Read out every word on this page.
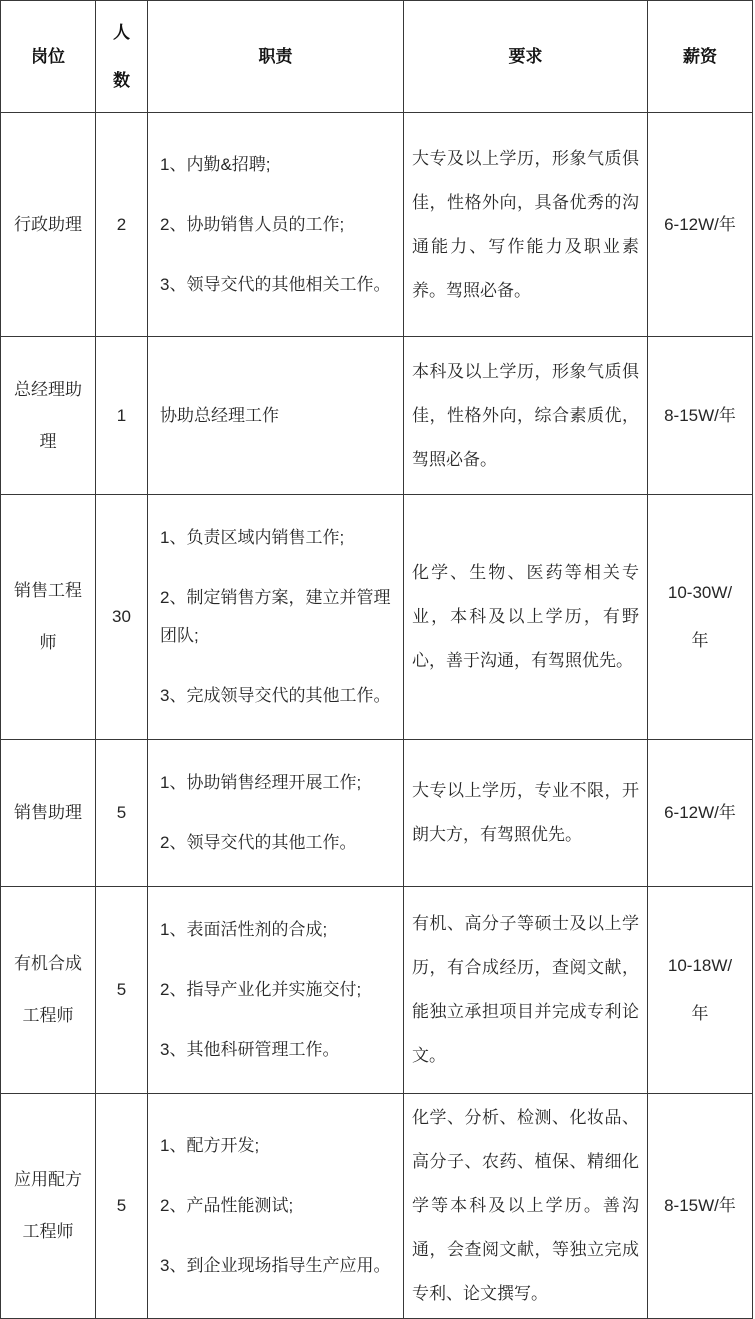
岗位	人数	职责	要求	薪资
行政助理	2	1、内勤&招聘;

2、协助销售人员的工作;

3、领导交代的其他相关工作。	大专及以上学历，形象气质俱佳，性格外向，具备优秀的沟通能力、写作能力及职业素养。驾照必备。	6-12W/年
总经理助理	1	协助总经理工作	本科及以上学历，形象气质俱佳，性格外向，综合素质优，驾照必备。	8-15W/年
销售工程师	30	1、负责区域内销售工作;

2、制定销售方案，建立并管理团队;

3、完成领导交代的其他工作。	化学、生物、医药等相关专业，本科及以上学历，有野心，善于沟通，有驾照优先。	10-30W/年
销售助理	5	1、协助销售经理开展工作;

2、领导交代的其他工作。	大专以上学历，专业不限，开朗大方，有驾照优先。	6-12W/年
有机合成工程师	5	1、表面活性剂的合成;

2、指导产业化并实施交付;

3、其他科研管理工作。	有机、高分子等硕士及以上学历，有合成经历，查阅文献，能独立承担项目并完成专利论文。	10-18W/年
应用配方工程师	5	1、配方开发;

2、产品性能测试;

3、到企业现场指导生产应用。	化学、分析、检测、化妆品、高分子、农药、植保、精细化学等本科及以上学历。善沟通，会查阅文献，等独立完成专利、论文撰写。	8-15W/年
